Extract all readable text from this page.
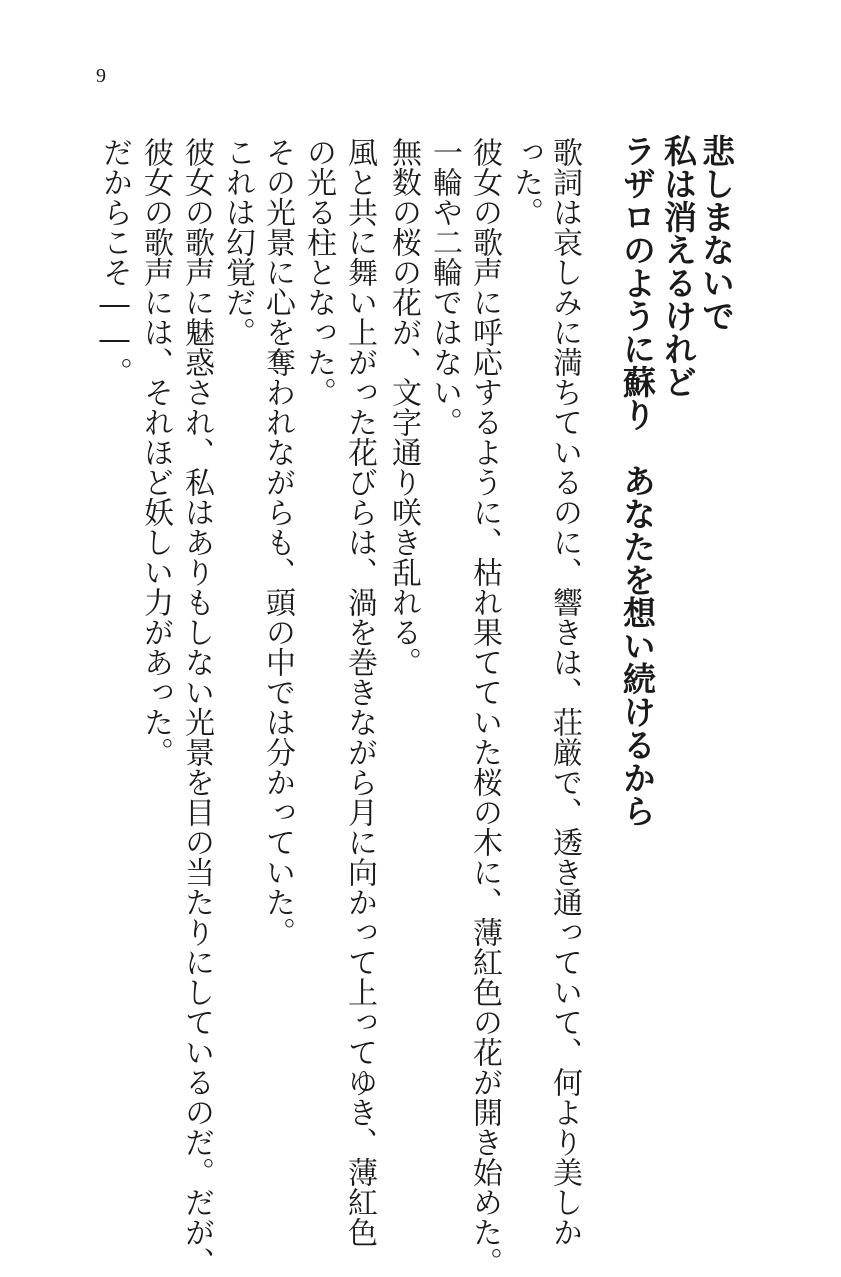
9
悲しまないで
私は消えるけれど
ラザロのように蘇り　あなたを想い続けるから
歌詞は哀しみに満ちているのに、響きは、荘厳で、透き通っていて、何より美しか
った。
彼女の歌声に呼応するように、枯れ果てていた桜の木に、薄紅色の花が開き始めた。
一輪や二輪ではない。
無数の桜の花が、文字通り咲き乱れる。
風と共に舞い上がった花びらは、渦を巻きながら月に向かって上ってゆき、薄紅色
の光る柱となった。
その光景に心を奪われながらも、頭の中では分かっていた。
これは幻覚だ。
彼女の歌声に魅惑され、私はありもしない光景を目の当たりにしているのだ。だが、
彼女の歌声には、それほど妖しい力があった。
だからこそ――。
